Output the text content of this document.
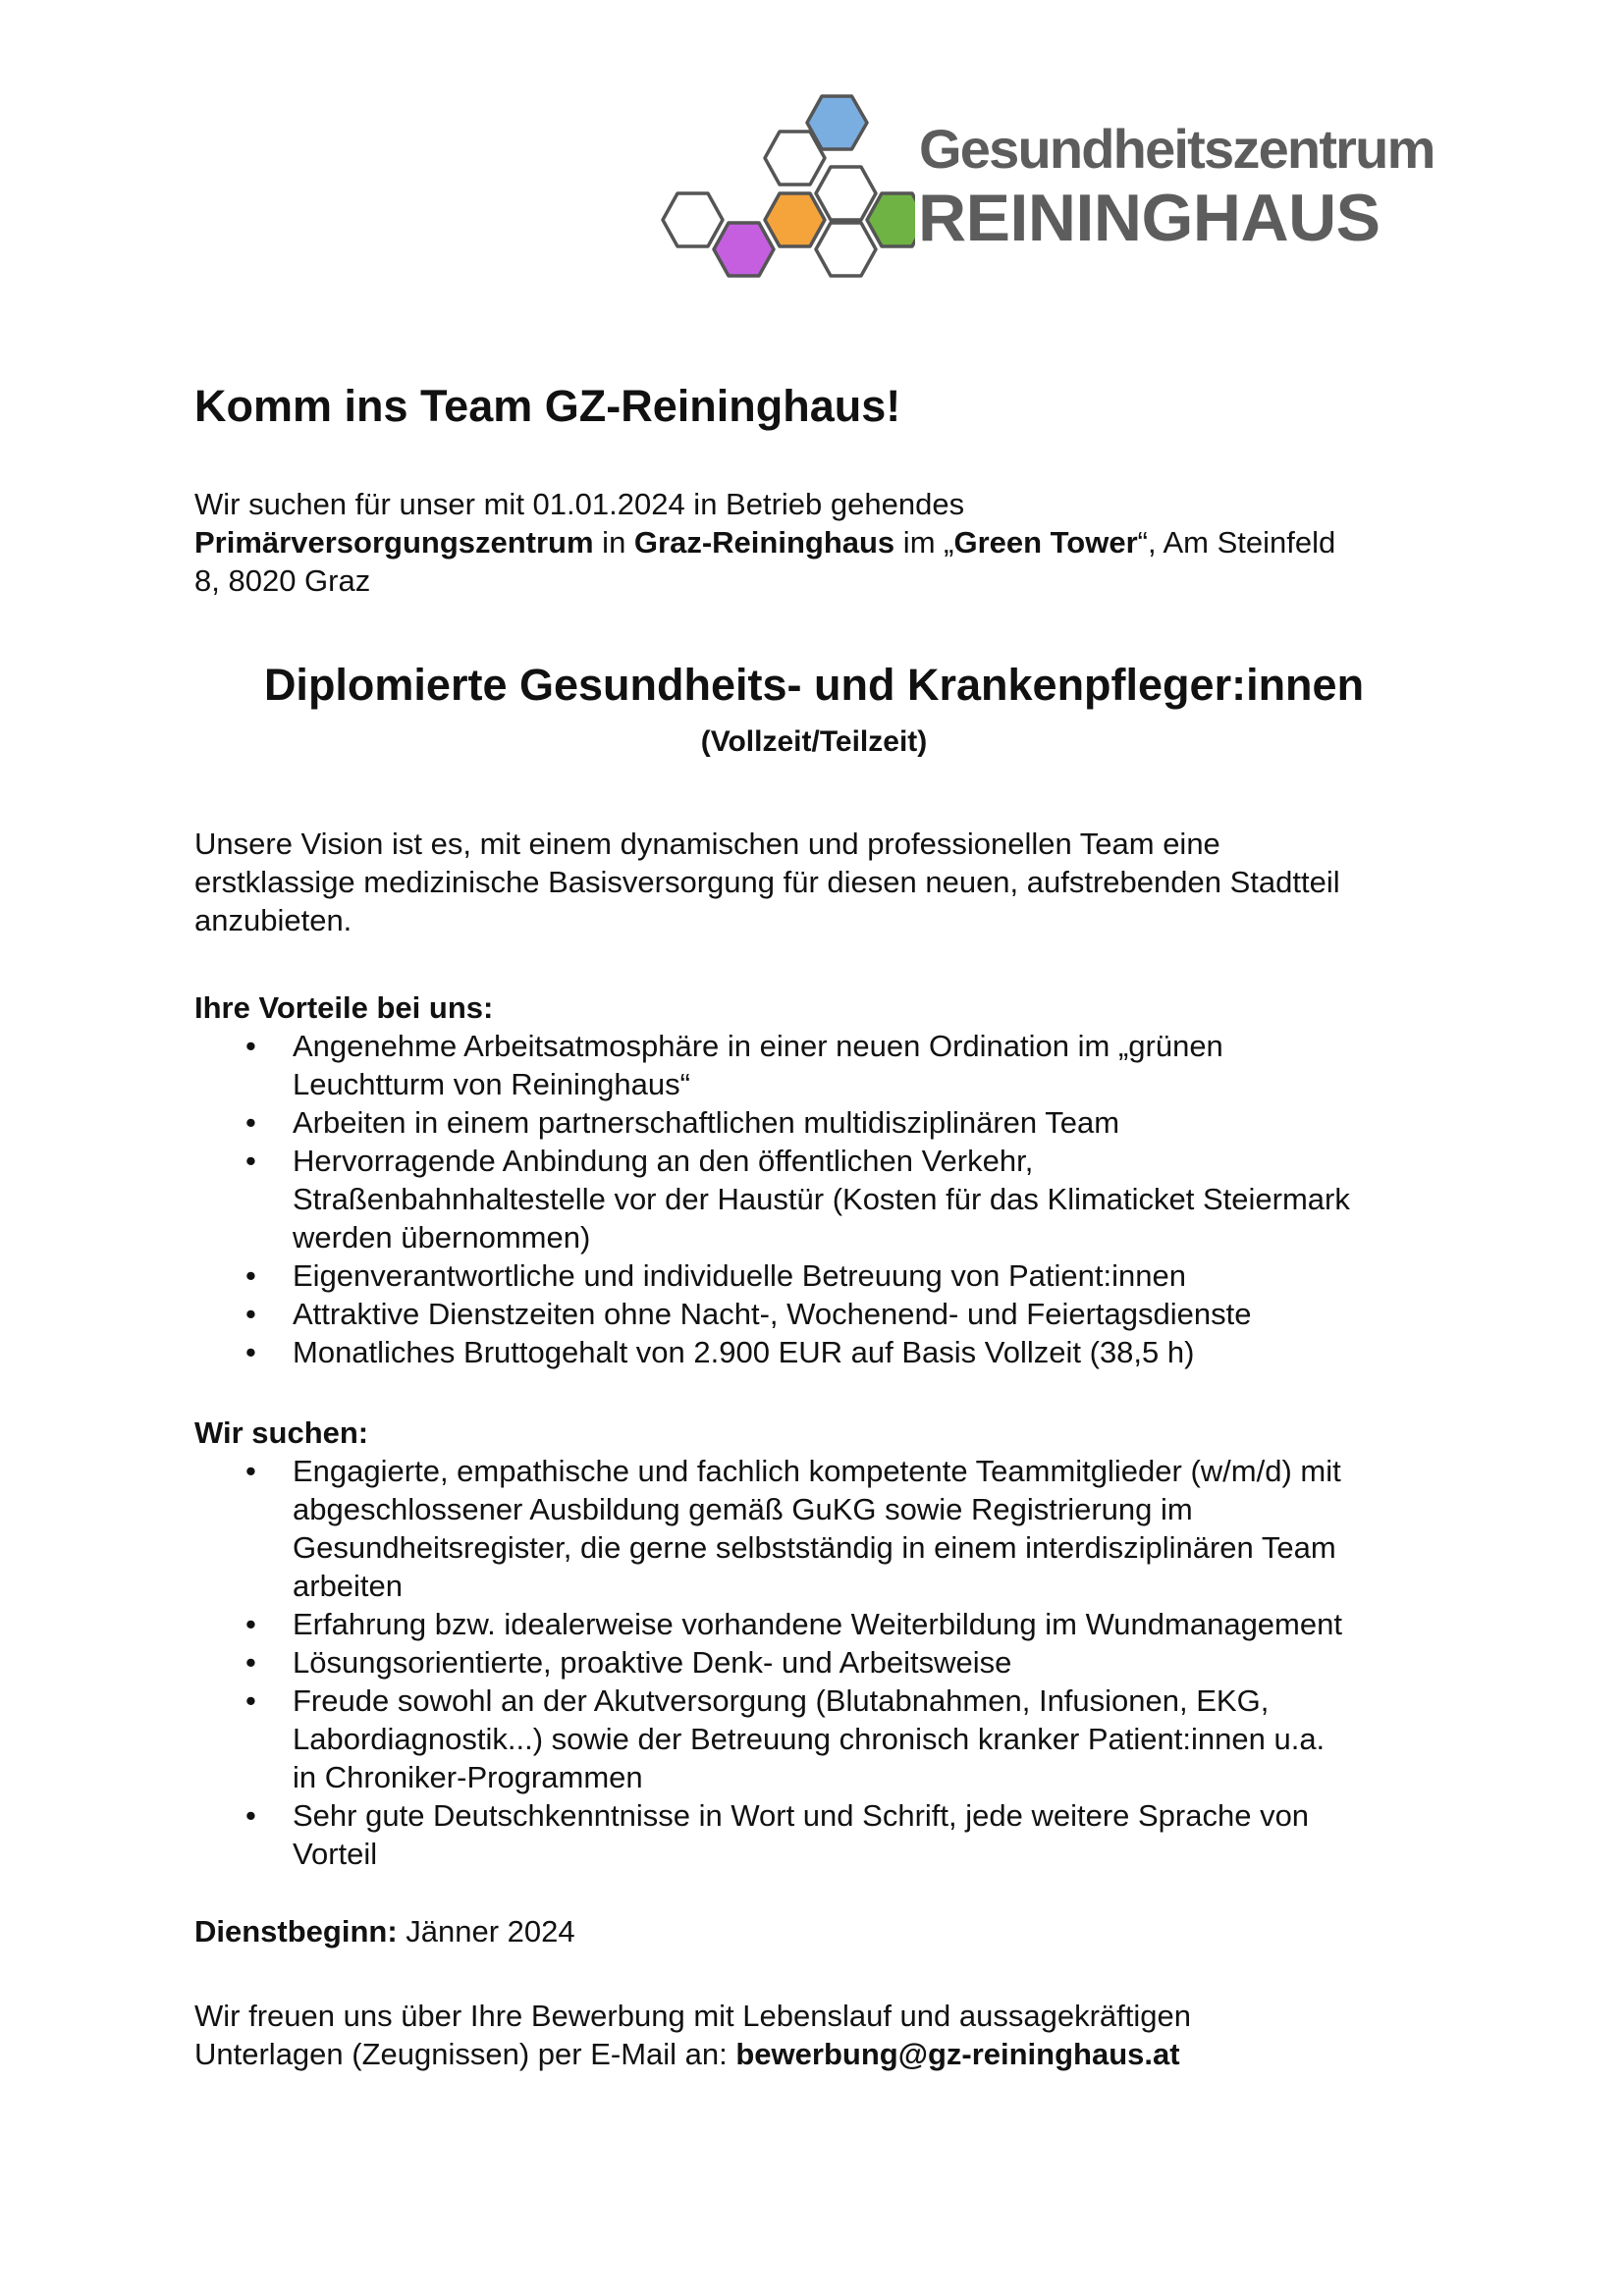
Gesundheitszentrum
REININGHAUS
Komm ins Team GZ-Reininghaus!

Wir suchen für unser mit 01.01.2024 in Betrieb gehendes

Primärversorgungszentrum in Graz-Reininghaus im „Green Tower“, Am Steinfeld

8, 8020 Graz

Diplomierte Gesundheits- und Krankenpfleger:innen
(Vollzeit/Teilzeit)

Unsere Vision ist es, mit einem dynamischen und professionellen Team eine

erstklassige medizinische Basisversorgung für diesen neuen, aufstrebenden Stadtteil

anzubieten.

Ihre Vorteile bei uns:

• Angenehme Arbeitsatmosphäre in einer neuen Ordination im „grünen
Leuchtturm von Reininghaus“
• Arbeiten in einem partnerschaftlichen multidisziplinären Team
• Hervorragende Anbindung an den öffentlichen Verkehr,
Straßenbahnhaltestelle vor der Haustür (Kosten für das Klimaticket Steiermark
werden übernommen)
• Eigenverantwortliche und individuelle Betreuung von Patient:innen
• Attraktive Dienstzeiten ohne Nacht-, Wochenend- und Feiertagsdienste
• Monatliches Bruttogehalt von 2.900 EUR auf Basis Vollzeit (38,5 h)

Wir suchen:

• Engagierte, empathische und fachlich kompetente Teammitglieder (w/m/d) mit
abgeschlossener Ausbildung gemäß GuKG sowie Registrierung im
Gesundheitsregister, die gerne selbstständig in einem interdisziplinären Team
arbeiten
• Erfahrung bzw. idealerweise vorhandene Weiterbildung im Wundmanagement
• Lösungsorientierte, proaktive Denk- und Arbeitsweise
• Freude sowohl an der Akutversorgung (Blutabnahmen, Infusionen, EKG,
Labordiagnostik...) sowie der Betreuung chronisch kranker Patient:innen u.a.
in Chroniker-Programmen
• Sehr gute Deutschkenntnisse in Wort und Schrift, jede weitere Sprache von
Vorteil

Dienstbeginn: Jänner 2024

Wir freuen uns über Ihre Bewerbung mit Lebenslauf und aussagekräftigen

Unterlagen (Zeugnissen) per E-Mail an: bewerbung@gz-reininghaus.at
